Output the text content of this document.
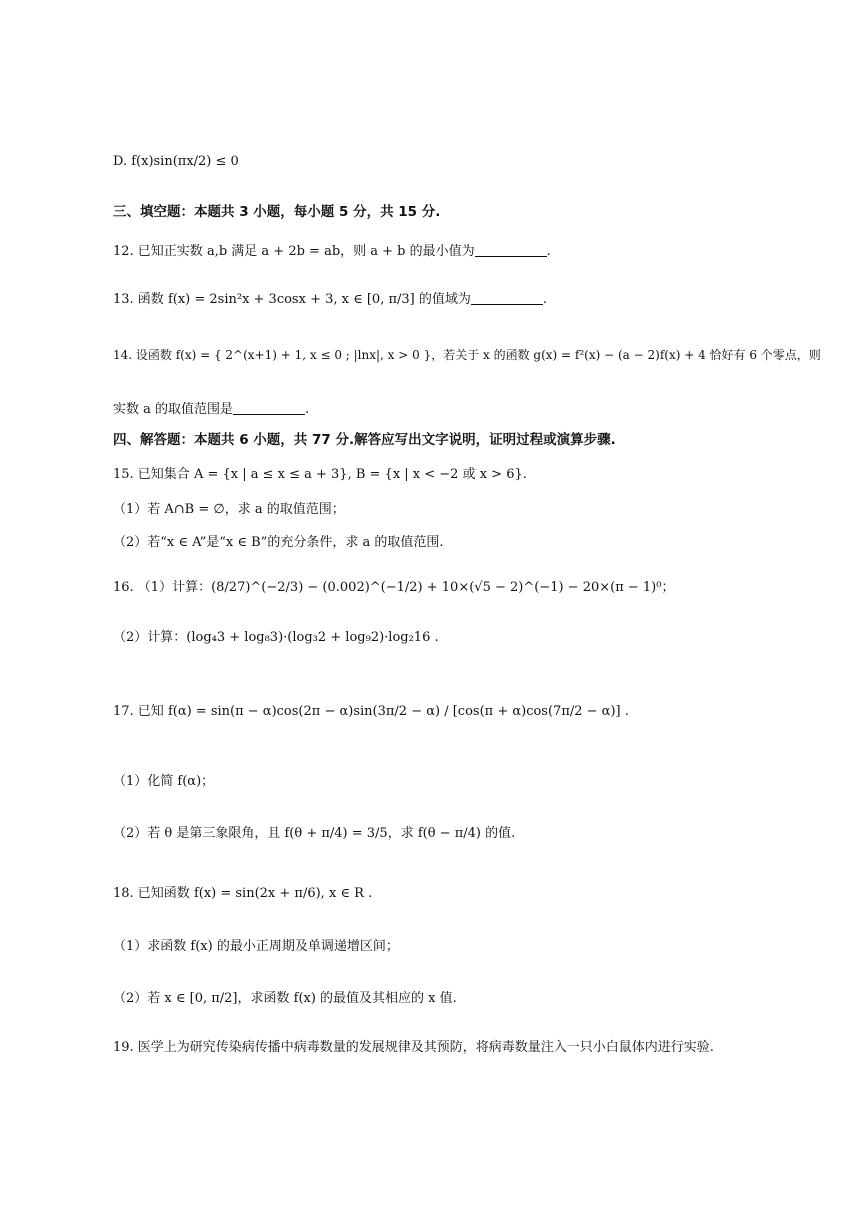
D. f(x)sin(πx/2) ≤ 0
三、填空题：本题共 3 小题，每小题 5 分，共 15 分.
12. 已知正实数 a,b 满足 a + 2b = ab，则 a + b 的最小值为	.
13. 函数 f(x) = 2sin²x + 3cosx + 3, x ∈ [0, π/3] 的值域为	.
14. 设函数 f(x) = { 2^(x+1) + 1, x ≤ 0 ; |lnx|, x > 0 }，若关于 x 的函数 g(x) = f²(x) − (a − 2)f(x) + 4 恰好有 6 个零点，则
实数 a 的取值范围是	.
四、解答题：本题共 6 小题，共 77 分.解答应写出文字说明，证明过程或演算步骤.
15. 已知集合 A = {x | a ≤ x ≤ a + 3}, B = {x | x < −2 或 x > 6}.
（1）若 A∩B = ∅，求 a 的取值范围；
（2）若“x ∈ A”是“x ∈ B”的充分条件，求 a 的取值范围.
16. （1）计算：(8/27)^(−2/3) − (0.002)^(−1/2) + 10×(√5 − 2)^(−1) − 20×(π − 1)⁰；
（2）计算：(log₄3 + log₈3)·(log₃2 + log₉2)·log₂16 .
17. 已知 f(α) = sin(π − α)cos(2π − α)sin(3π/2 − α) / [cos(π + α)cos(7π/2 − α)] .
（1）化简 f(α)；
（2）若 θ 是第三象限角，且 f(θ + π/4) = 3/5，求 f(θ − π/4) 的值.
18. 已知函数 f(x) = sin(2x + π/6), x ∈ R .
（1）求函数 f(x) 的最小正周期及单调递增区间；
（2）若 x ∈ [0, π/2]，求函数 f(x) 的最值及其相应的 x 值.
19. 医学上为研究传染病传播中病毒数量的发展规律及其预防，将病毒数量注入一只小白鼠体内进行实验.
